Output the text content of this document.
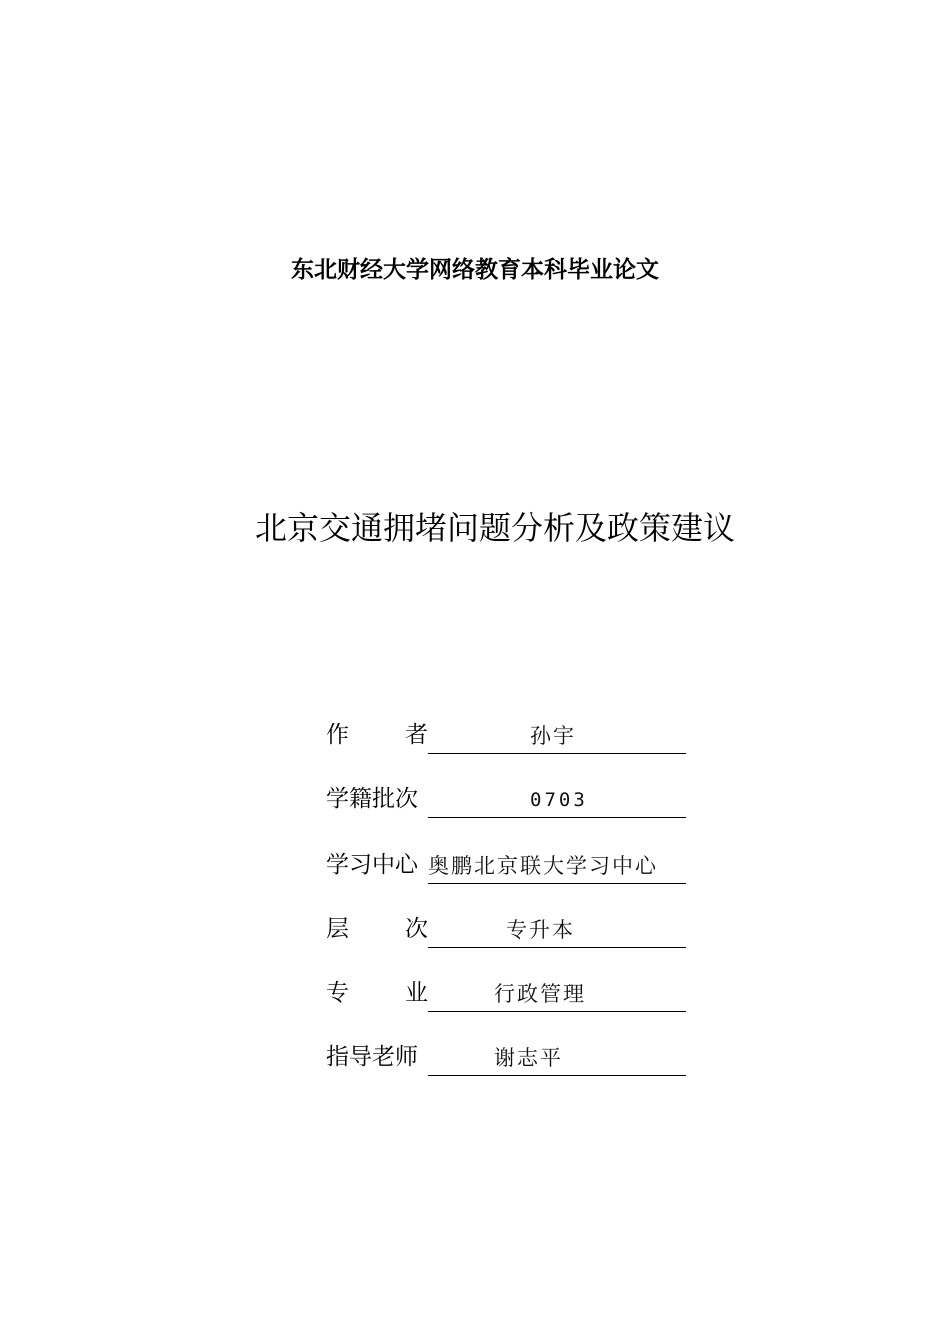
东北财经大学网络教育本科毕业论文
北京交通拥堵问题分析及政策建议
作 者	孙宇
学籍批次	0703
学习中心 奥鹏北京联大学习中心
层 次	专升本
专 业	行政管理
指导老师	谢志平
